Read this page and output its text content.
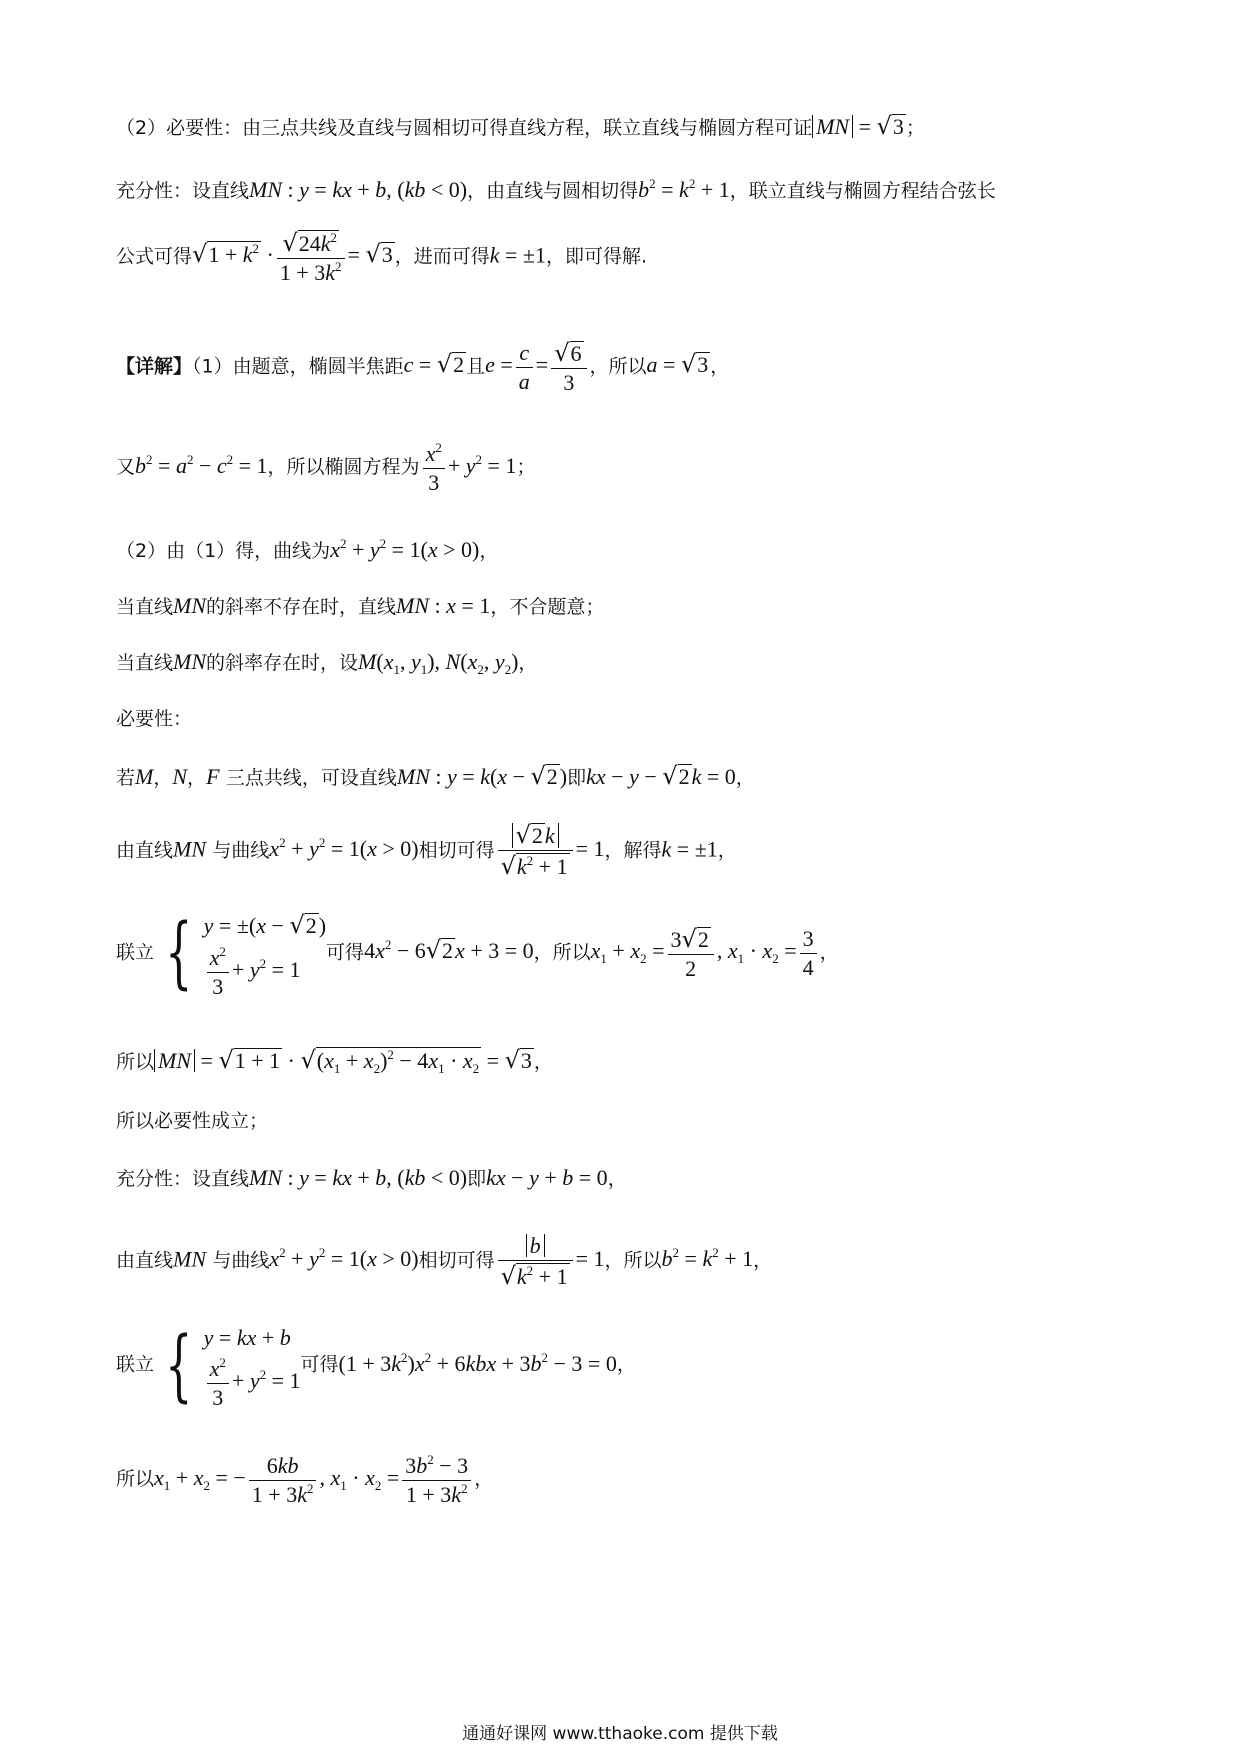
（2）必要性：由三点共线及直线与圆相切可得直线方程，联立直线与椭圆方程可证 MN = √3 ；
充分性：设直线MN : y = kx + b, (kb < 0)，由直线与圆相切得$b^2 = k^2 + 1$，联立直线与椭圆方程结合弦长
公式可得$√1 + k^2 \cdot \frac{√24k^2}{1 + 3k^2} = √3$ ，进而可得k = ±1，即可得解.
【详解】（1）由题意，椭圆半焦距c = √2 且$e = \frac{c}{a} = \frac{√6}{3}$ ，所以a = √3 ，
又$b^2 = a^2 - c^2 = 1$，所以椭圆方程为 $\frac{x^2}{3} + y^2 = 1$；
（2）由（1）得，曲线为$x^2 + y^2 = 1(x > 0)$，
当直线MN的斜率不存在时，直线MN : x = 1，不合题意；
当直线MN的斜率存在时，设$M(x_1$, $y_1$), $N(x_2$, $y_2$)，
必要性：
若M，N，F 三点共线，可设直线MN : y = k(x − √2)即kx − y − √2k = 0，
由直线MN 与曲线$x^2 + y^2 = 1(x > 0)$相切可得 $\frac{√2k}{√k^2 + 1} = 1$，解得k = ±1，
联立 { y = ±(x − √2)
$\frac{x^2}{3} + y^2 = 1$
可得$4x^2 - 6√2x + 3 = 0$，所以$x_1 + x_2 = \frac{3√2}{2}$ , $x_1 \cdot x_2 = \frac{3}{4}$ ，
所以 MN = $√1 + 1 \cdot √(x_1 + x_2)^2 - 4x_1 \cdot x_2 = √3$ ，
所以必要性成立；
充分性：设直线MN : y = kx + b, (kb < 0)即kx − y + b = 0，
由直线MN 与曲线$x^2 + y^2 = 1(x > 0)$相切可得 $\frac{b}{√k^2 + 1} = 1$，所以$b^2 = k^2 + 1$，
联立 { y = kx + b
$\frac{x^2}{3} + y^2 = 1$
可得$(1 + 3k^2)x^2 + 6kbx + 3b^2 - 3 = 0$，
所以$x_1 + x_2$ = − $\frac{6kb}{1 + 3k^2}$ , $x_1 \cdot x_2 = \frac{3b^2 - 3}{1 + 3k^2}$ ，
通通好课网 www.tthaoke.com 提供下载
